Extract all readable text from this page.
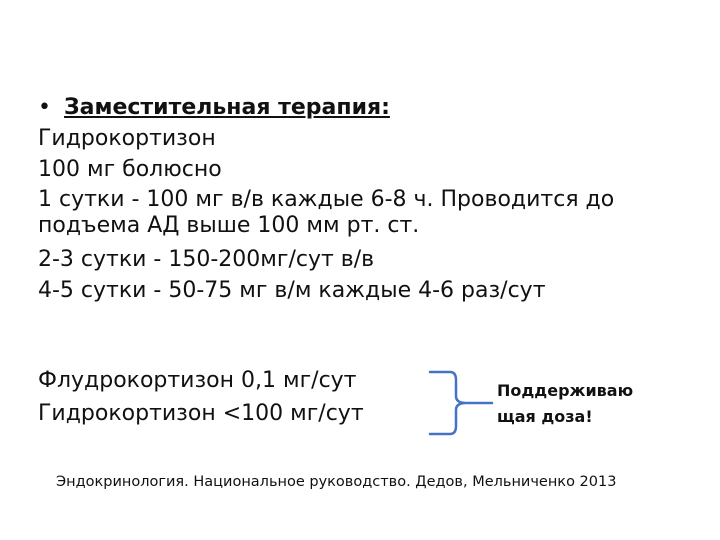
• Заместительная терапия:
Гидрокортизон
100 мг болюсно
1 сутки - 100 мг в/в каждые 6-8 ч. Проводится до подъема АД выше 100 мм рт. ст.
2-3 сутки - 150-200мг/сут в/в
4-5 сутки - 50-75 мг в/м каждые 4-6 раз/сут
Флудрокортизон 0,1 мг/сут
Гидрокортизон <100 мг/сут
Поддерживаю
щая доза!
Эндокринология. Национальное руководство. Дедов, Мельниченко 2013
